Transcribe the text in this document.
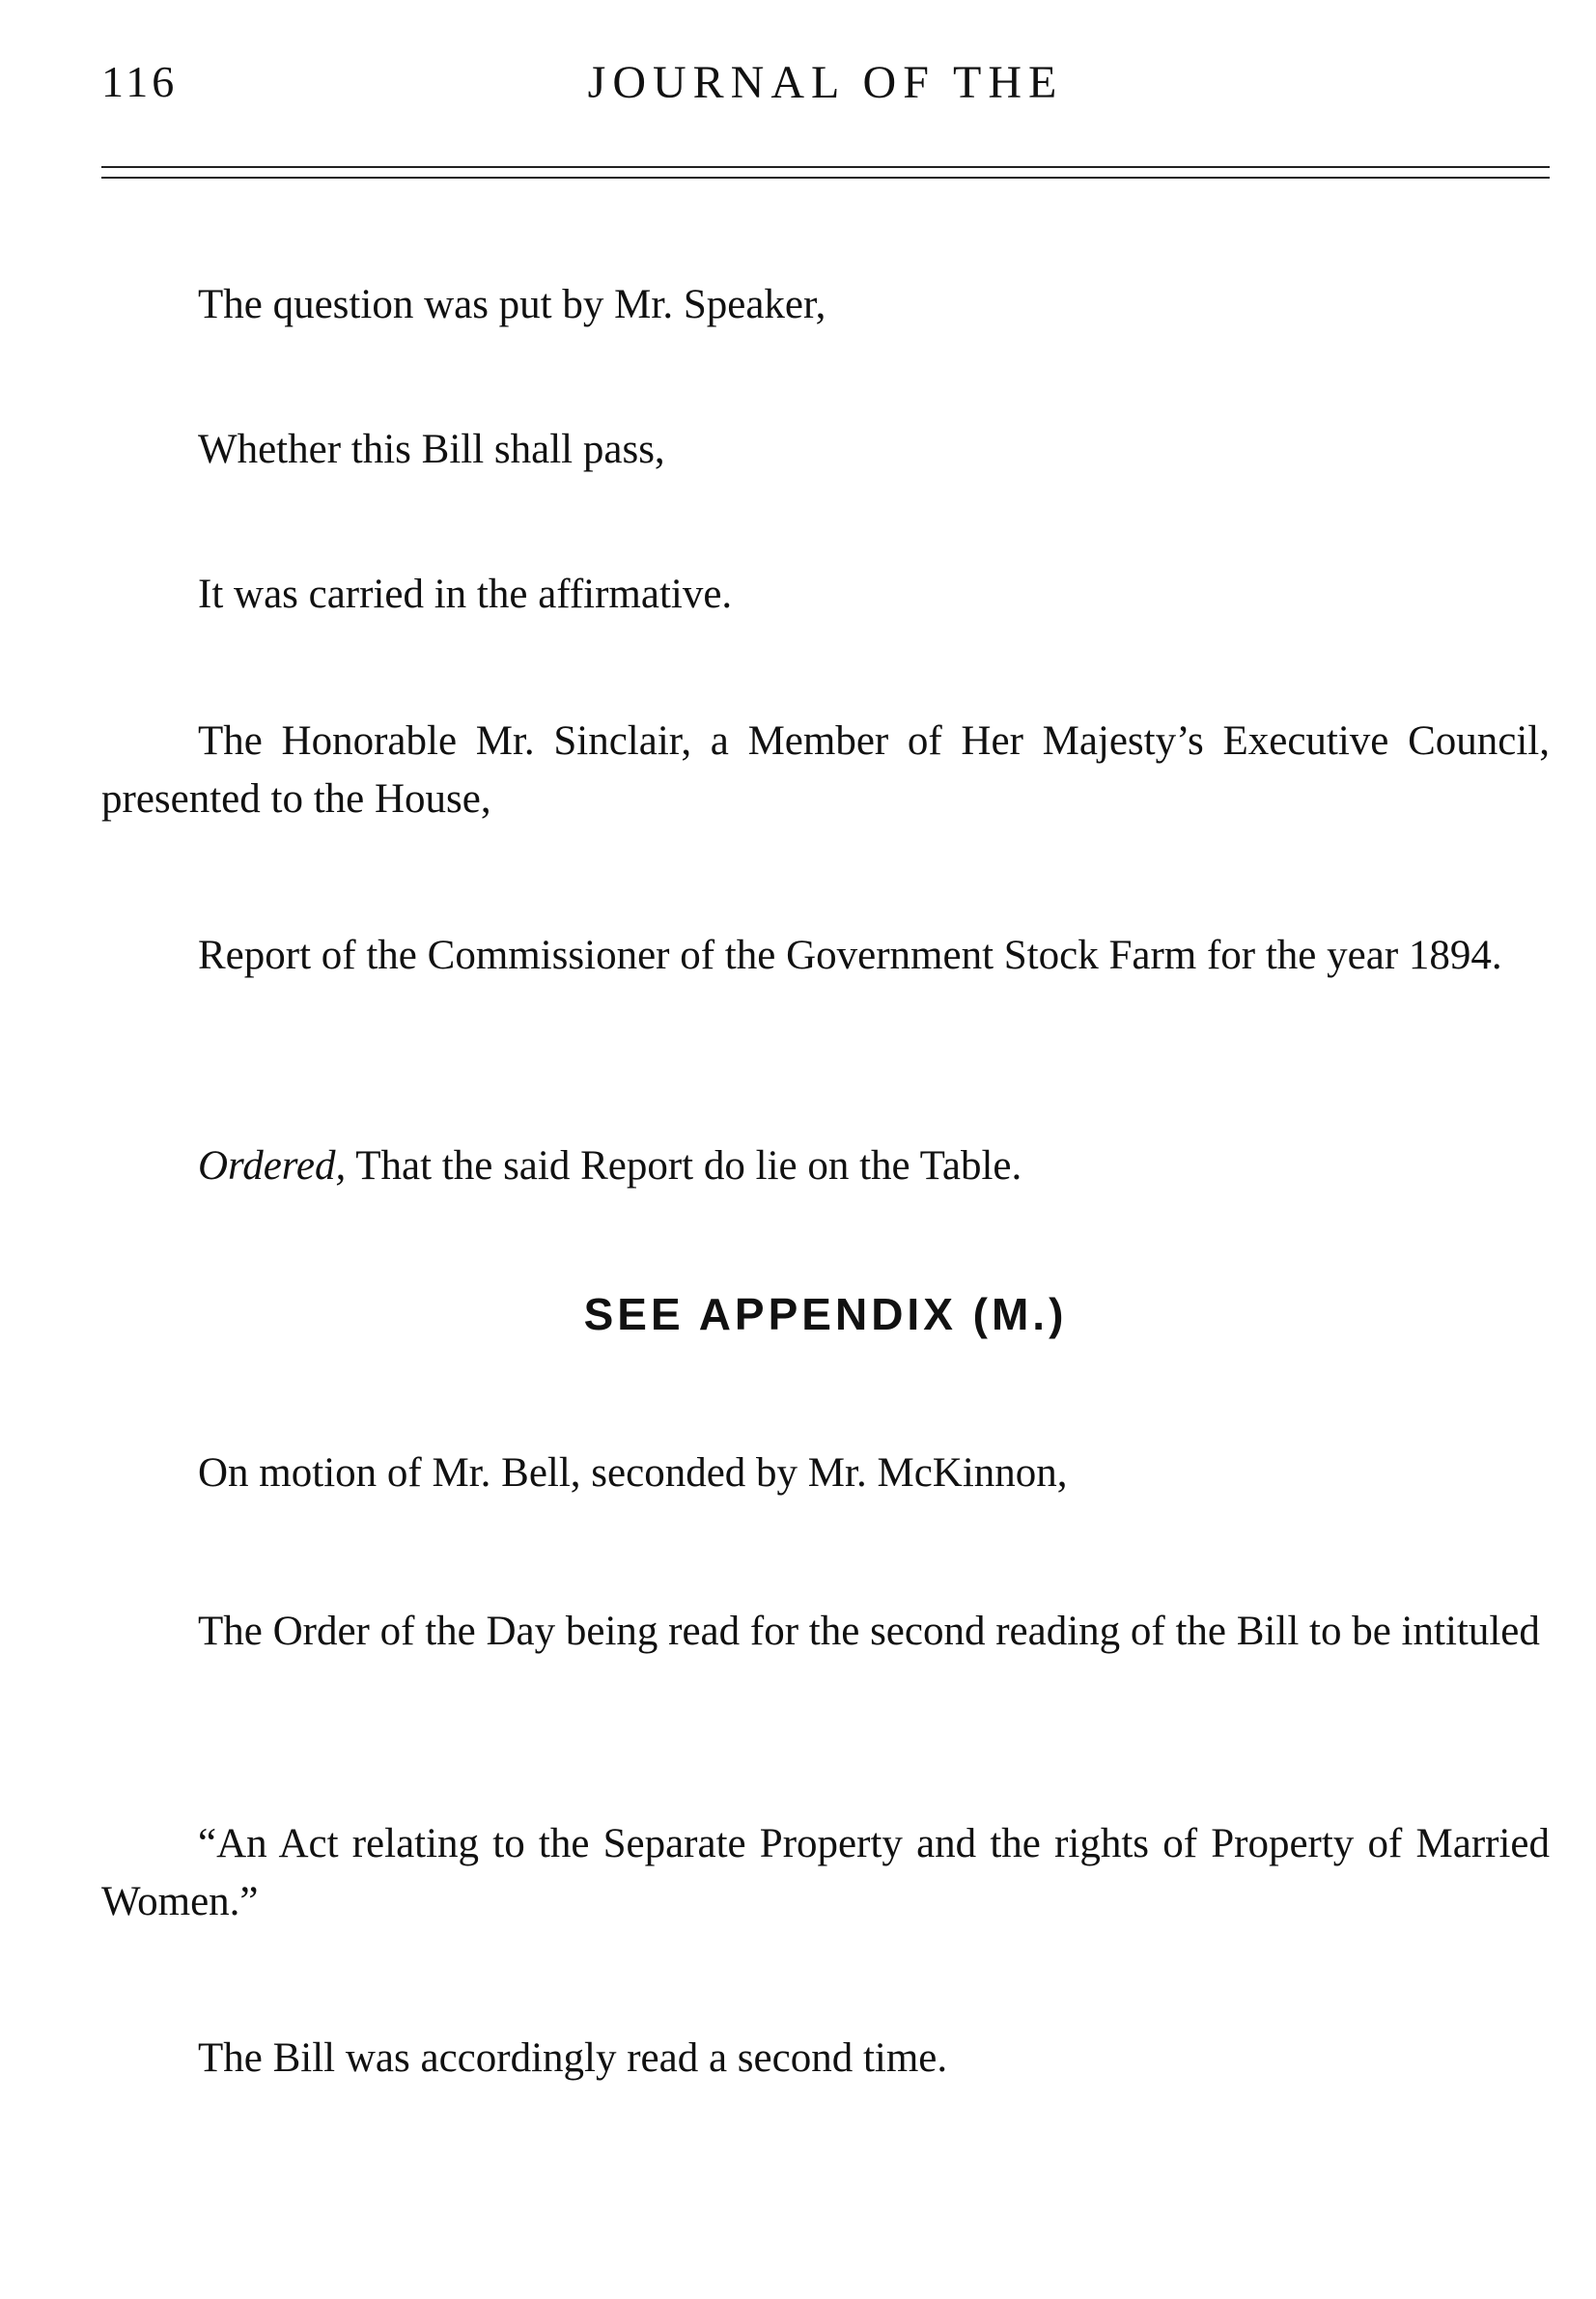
116	JOURNAL OF THE

The question was put by Mr. Speaker,

Whether this Bill shall pass,

It was carried in the affirmative.

The Honorable Mr. Sinclair, a Member of Her Majesty’s Executive Council, presented to the House,

Report of the Commissioner of the Government Stock Farm for the year 1894.

Ordered, That the said Report do lie on the Table.

SEE APPENDIX (M.)

On motion of Mr. Bell, seconded by Mr. McKinnon,

The Order of the Day being read for the second reading of the Bill to be intituled

“An Act relating to the Separate Property and the rights of Property of Married Women.”

The Bill was accordingly read a second time.
